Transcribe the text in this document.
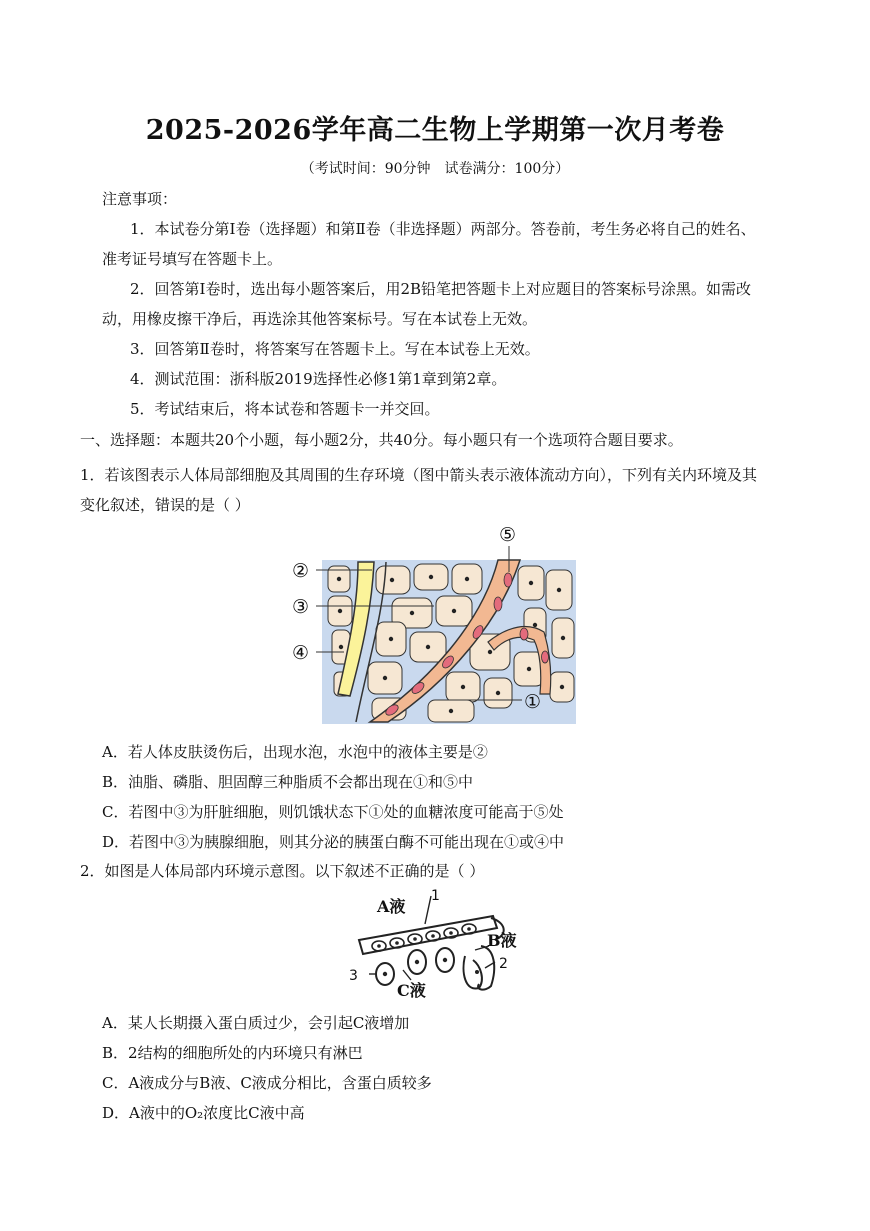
2025-2026学年高二生物上学期第一次月考卷
（考试时间：90分钟　试卷满分：100分）
注意事项：
1．本试卷分第Ⅰ卷（选择题）和第Ⅱ卷（非选择题）两部分。答卷前，考生务必将自己的姓名、
准考证号填写在答题卡上。
2．回答第Ⅰ卷时，选出每小题答案后，用2B铅笔把答题卡上对应题目的答案标号涂黑。如需改
动，用橡皮擦干净后，再选涂其他答案标号。写在本试卷上无效。
3．回答第Ⅱ卷时，将答案写在答题卡上。写在本试卷上无效。
4．测试范围：浙科版2019选择性必修1第1章到第2章。
5．考试结束后，将本试卷和答题卡一并交回。
一、选择题：本题共20个小题，每小题2分，共40分。每小题只有一个选项符合题目要求。
1．若该图表示人体局部细胞及其周围的生存环境（图中箭头表示液体流动方向），下列有关内环境及其
变化叙述，错误的是（ ）
②
③
④
⑤
①
A．若人体皮肤烫伤后，出现水泡，水泡中的液体主要是②
B．油脂、磷脂、胆固醇三种脂质不会都出现在①和⑤中
C．若图中③为肝脏细胞，则饥饿状态下①处的血糖浓度可能高于⑤处
D．若图中③为胰腺细胞，则其分泌的胰蛋白酶不可能出现在①或④中
2．如图是人体局部内环境示意图。以下叙述不正确的是（ ）
A液
B液
C液
1
2
3
A．某人长期摄入蛋白质过少，会引起C液增加
B．2结构的细胞所处的内环境只有淋巴
C．A液成分与B液、C液成分相比，含蛋白质较多
D．A液中的O₂浓度比C液中高
